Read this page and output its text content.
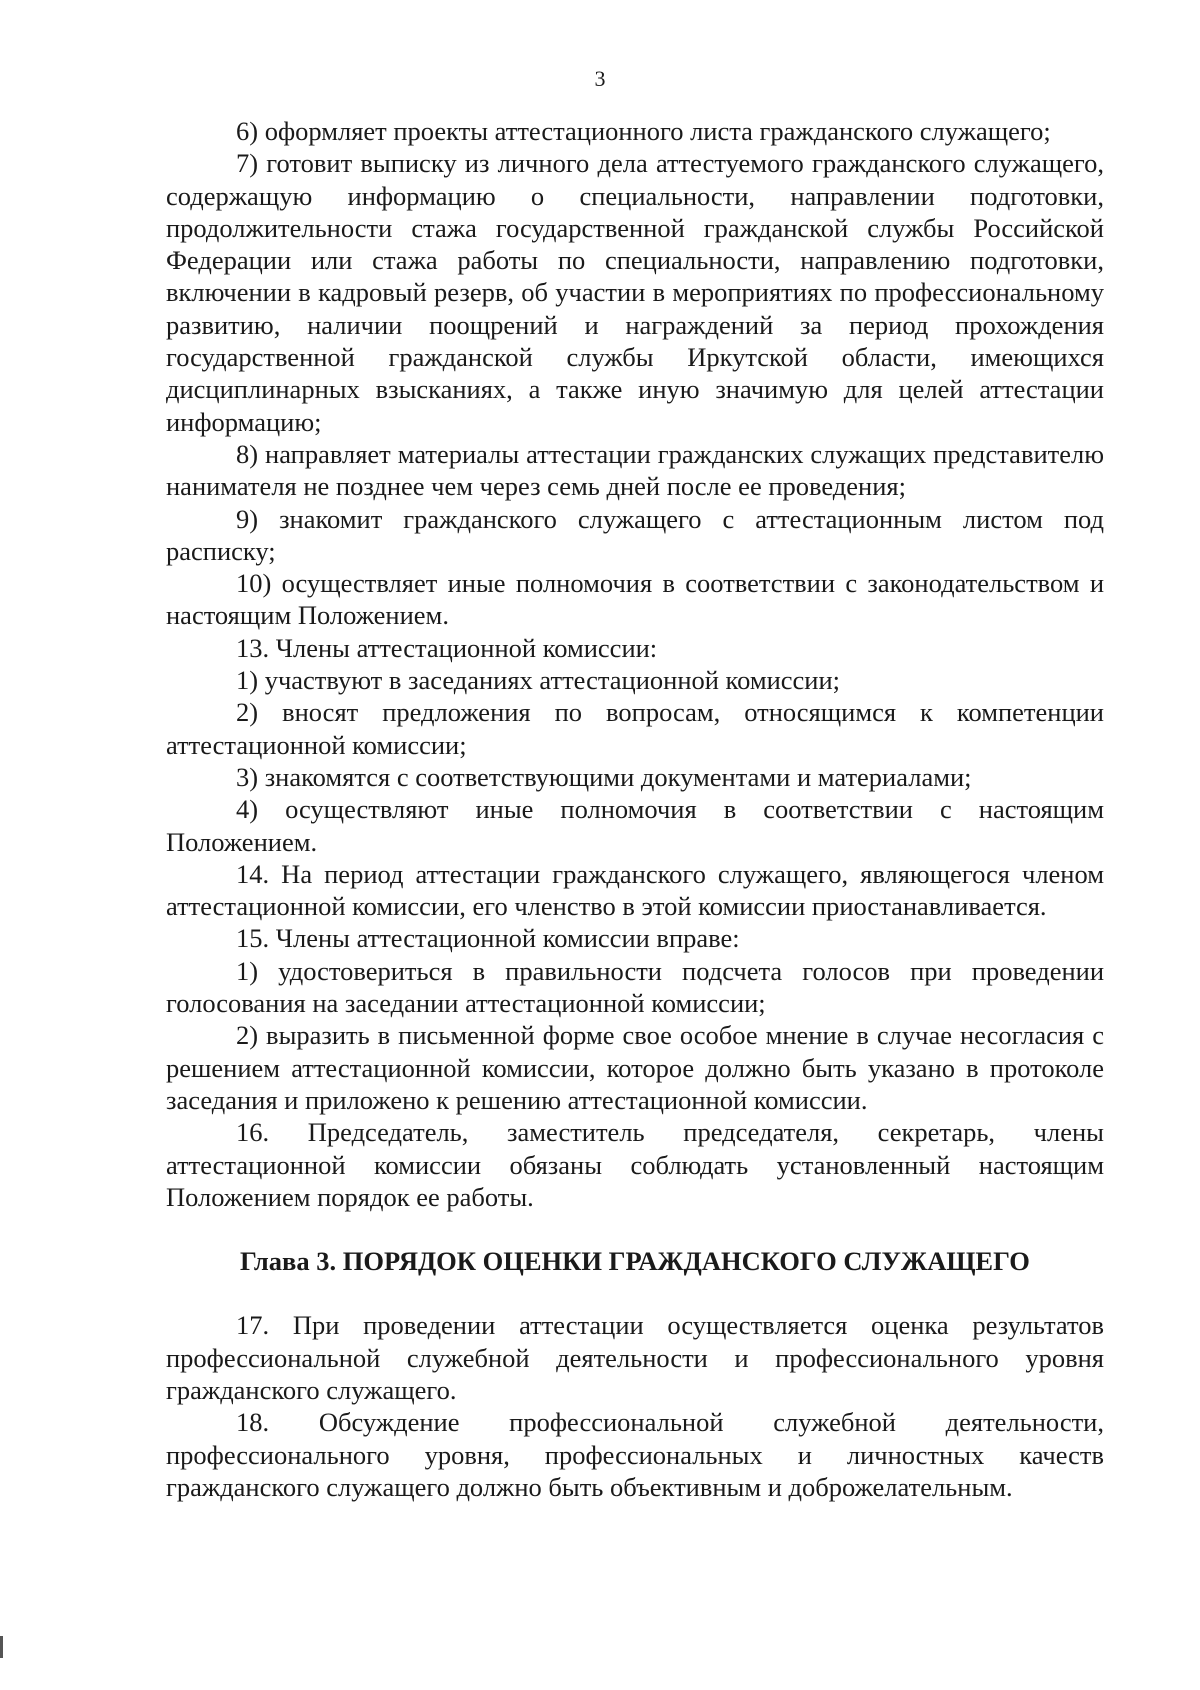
3

6) оформляет проекты аттестационного листа гражданского служащего;

7) готовит выписку из личного дела аттестуемого гражданского служащего, содержащую информацию о специальности, направлении подготовки, продолжительности стажа государственной гражданской службы Российской Федерации или стажа работы по специальности, направлению подготовки, включении в кадровый резерв, об участии в мероприятиях по профессиональному развитию, наличии поощрений и награждений за период прохождения государственной гражданской службы Иркутской области, имеющихся дисциплинарных взысканиях, а также иную значимую для целей аттестации информацию;

8) направляет материалы аттестации гражданских служащих представителю нанимателя не позднее чем через семь дней после ее проведения;

9) знакомит гражданского служащего с аттестационным листом под расписку;

10) осуществляет иные полномочия в соответствии с законодательством и настоящим Положением.

13. Члены аттестационной комиссии:

1) участвуют в заседаниях аттестационной комиссии;

2) вносят предложения по вопросам, относящимся к компетенции аттестационной комиссии;

3) знакомятся с соответствующими документами и материалами;

4) осуществляют иные полномочия в соответствии с настоящим Положением.

14. На период аттестации гражданского служащего, являющегося членом аттестационной комиссии, его членство в этой комиссии приостанавливается.

15. Члены аттестационной комиссии вправе:

1) удостовериться в правильности подсчета голосов при проведении голосования на заседании аттестационной комиссии;

2) выразить в письменной форме свое особое мнение в случае несогласия с решением аттестационной комиссии, которое должно быть указано в протоколе заседания и приложено к решению аттестационной комиссии.

16. Председатель, заместитель председателя, секретарь, члены аттестационной комиссии обязаны соблюдать установленный настоящим Положением порядок ее работы.

Глава 3. ПОРЯДОК ОЦЕНКИ ГРАЖДАНСКОГО СЛУЖАЩЕГО

17. При проведении аттестации осуществляется оценка результатов профессиональной служебной деятельности и профессионального уровня гражданского служащего.

18. Обсуждение профессиональной служебной деятельности, профессионального уровня, профессиональных и личностных качеств гражданского служащего должно быть объективным и доброжелательным.
